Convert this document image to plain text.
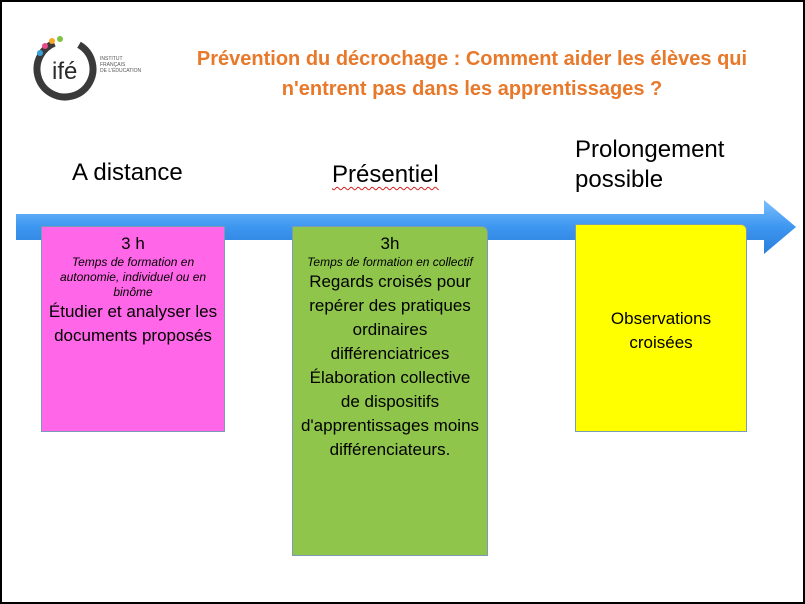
ifé	INSTITUT
FRANÇAIS
DE L'ÉDUCATION
Prévention du décrochage : Comment aider les élèves qui
n'entrent pas dans les apprentissages ?
A distance	Présentiel
Prolongement possible
3 h
Temps de formation en autonomie, individuel ou en binôme
Étudier et analyser les documents proposés
3h
Temps de formation en collectif
Regards croisés pour repérer des pratiques ordinaires différenciatrices
Élaboration collective de dispositifs d'apprentissages moins différenciateurs.
Observations croisées
